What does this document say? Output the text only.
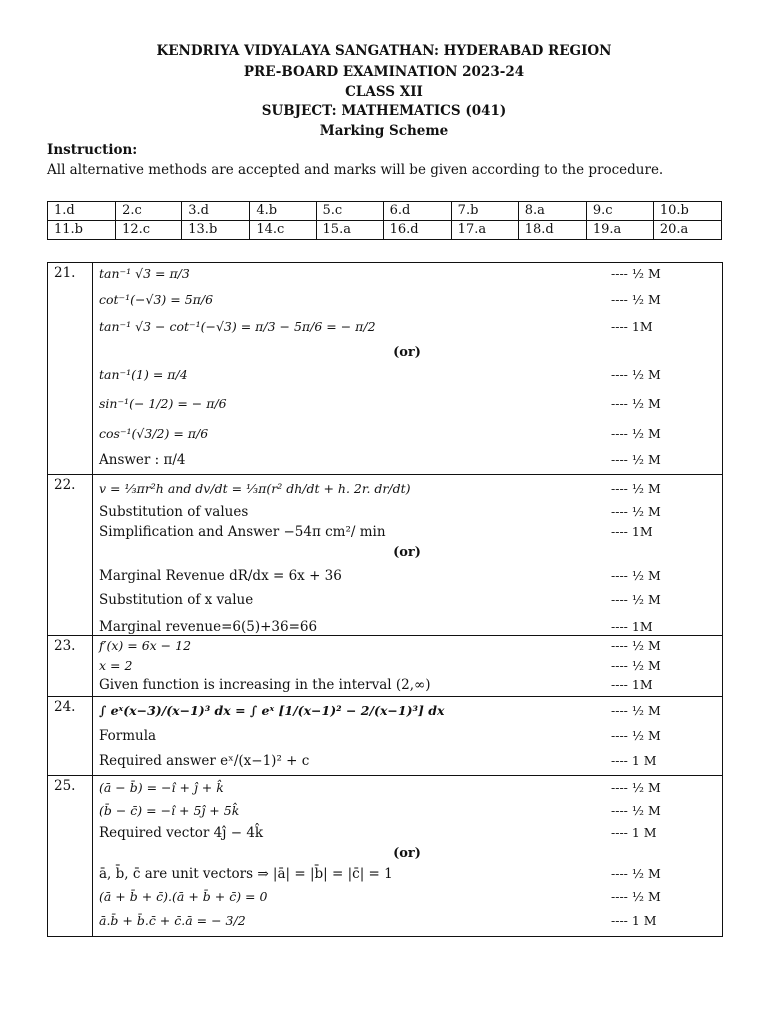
KENDRIYA VIDYALAYA SANGATHAN: HYDERABAD REGION
PRE-BOARD EXAMINATION 2023-24
CLASS XII
SUBJECT: MATHEMATICS (041)
Marking Scheme
Instruction:
All alternative methods are accepted and marks will be given according to the procedure.
1.d	2.c	3.d	4.b	5.c	6.d	7.b	8.a	9.c	10.b
11.b	12.c	13.b	14.c	15.a	16.d	17.a	18.d	19.a	20.a
21. tan⁻¹ √3 = π/3	---- ½ M
cot⁻¹(−√3) = 5π/6	---- ½ M
tan⁻¹ √3 − cot⁻¹(−√3) = π/3 − 5π/6 = − π/2	---- 1M
(or)
tan⁻¹(1) = π/4	---- ½ M
sin⁻¹(− 1/2) = − π/6	---- ½ M
cos⁻¹(√3/2) = π/6	---- ½ M
Answer : π/4	---- ½ M
22. v = ⅓πr²h and dv/dt = ⅓π(r² dh/dt + h. 2r. dr/dt)	---- ½ M
Substitution of values	---- ½ M
Simplification and Answer −54π cm²/ min	---- 1M
(or)
Marginal Revenue dR/dx = 6x + 36	---- ½ M
Substitution of x value	---- ½ M
Marginal revenue=6(5)+36=66	---- 1M
23. f′(x) = 6x − 12	---- ½ M
x = 2	---- ½ M
Given function is increasing in the interval (2,∞)	---- 1M
24. ∫ eˣ(x−3)/(x−1)³ dx = ∫ eˣ [1/(x−1)² − 2/(x−1)³] dx	---- ½ M
Formula	---- ½ M
Required answer eˣ/(x−1)² + c	---- 1 M
25. (ā − b̄) = −î + ĵ + k̂	---- ½ M
(b̄ − c̄) = −î + 5ĵ + 5k̂	---- ½ M
Required vector 4ĵ − 4k̂	---- 1 M
(or)
ā, b̄, c̄ are unit vectors ⇒ |ā| = |b̄| = |c̄| = 1	---- ½ M
(ā + b̄ + c̄).(ā + b̄ + c̄) = 0	---- ½ M
ā.b̄ + b̄.c̄ + c̄.ā = − 3/2	---- 1 M
